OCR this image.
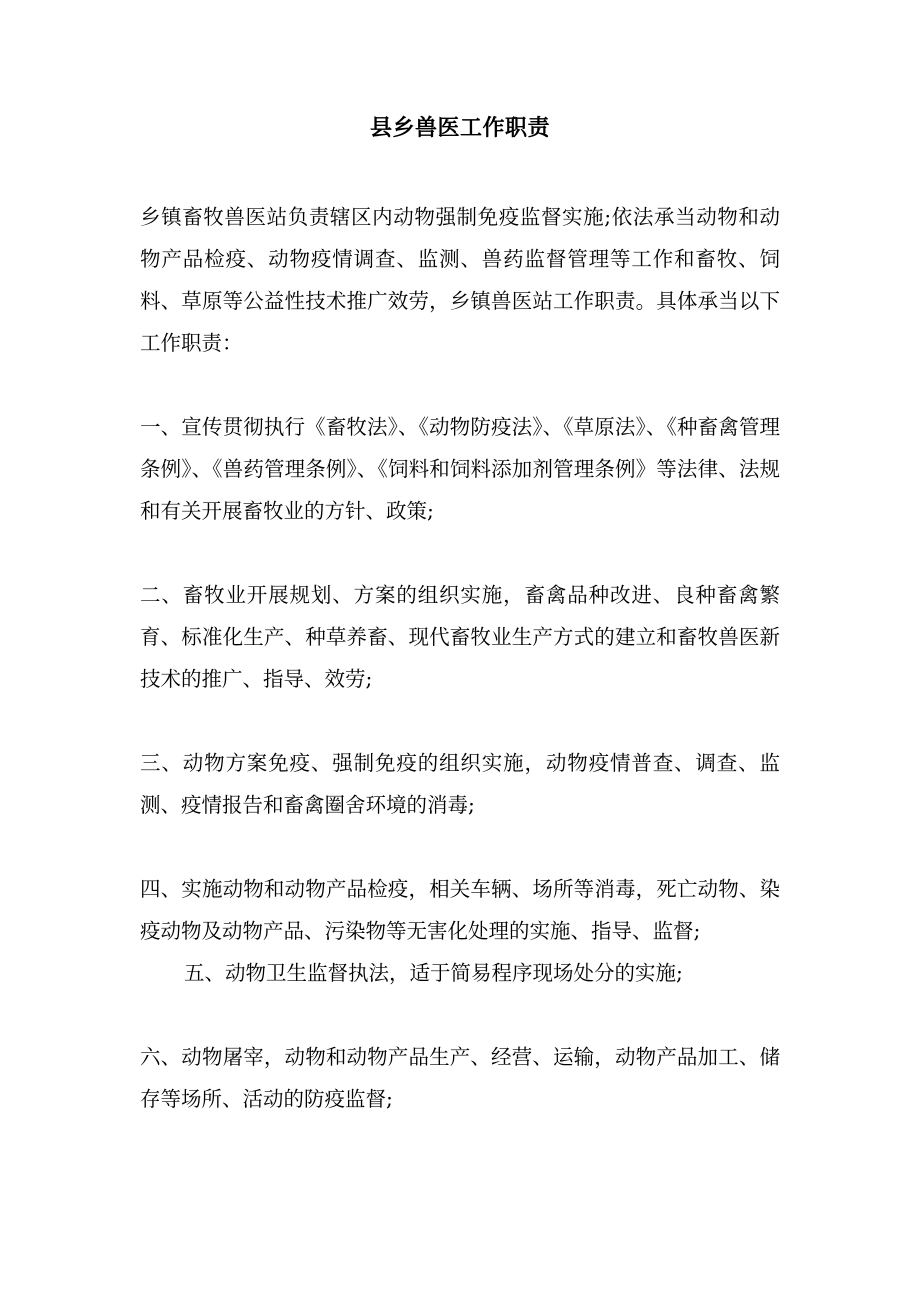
县乡兽医工作职责
乡镇畜牧兽医站负责辖区内动物强制免疫监督实施;依法承当动物和动物产品检疫、动物疫情调查、监测、兽药监督管理等工作和畜牧、饲料、草原等公益性技术推广效劳，乡镇兽医站工作职责。具体承当以下工作职责：
一、宣传贯彻执行《畜牧法》、《动物防疫法》、《草原法》、《种畜禽管理条例》、《兽药管理条例》、《饲料和饲料添加剂管理条例》等法律、法规和有关开展畜牧业的方针、政策;
二、畜牧业开展规划、方案的组织实施，畜禽品种改进、良种畜禽繁育、标准化生产、种草养畜、现代畜牧业生产方式的建立和畜牧兽医新技术的推广、指导、效劳;
三、动物方案免疫、强制免疫的组织实施，动物疫情普查、调查、监测、疫情报告和畜禽圈舍环境的消毒;
四、实施动物和动物产品检疫，相关车辆、场所等消毒，死亡动物、染疫动物及动物产品、污染物等无害化处理的实施、指导、监督;
五、动物卫生监督执法，适于简易程序现场处分的实施;
六、动物屠宰，动物和动物产品生产、经营、运输，动物产品加工、储存等场所、活动的防疫监督;
